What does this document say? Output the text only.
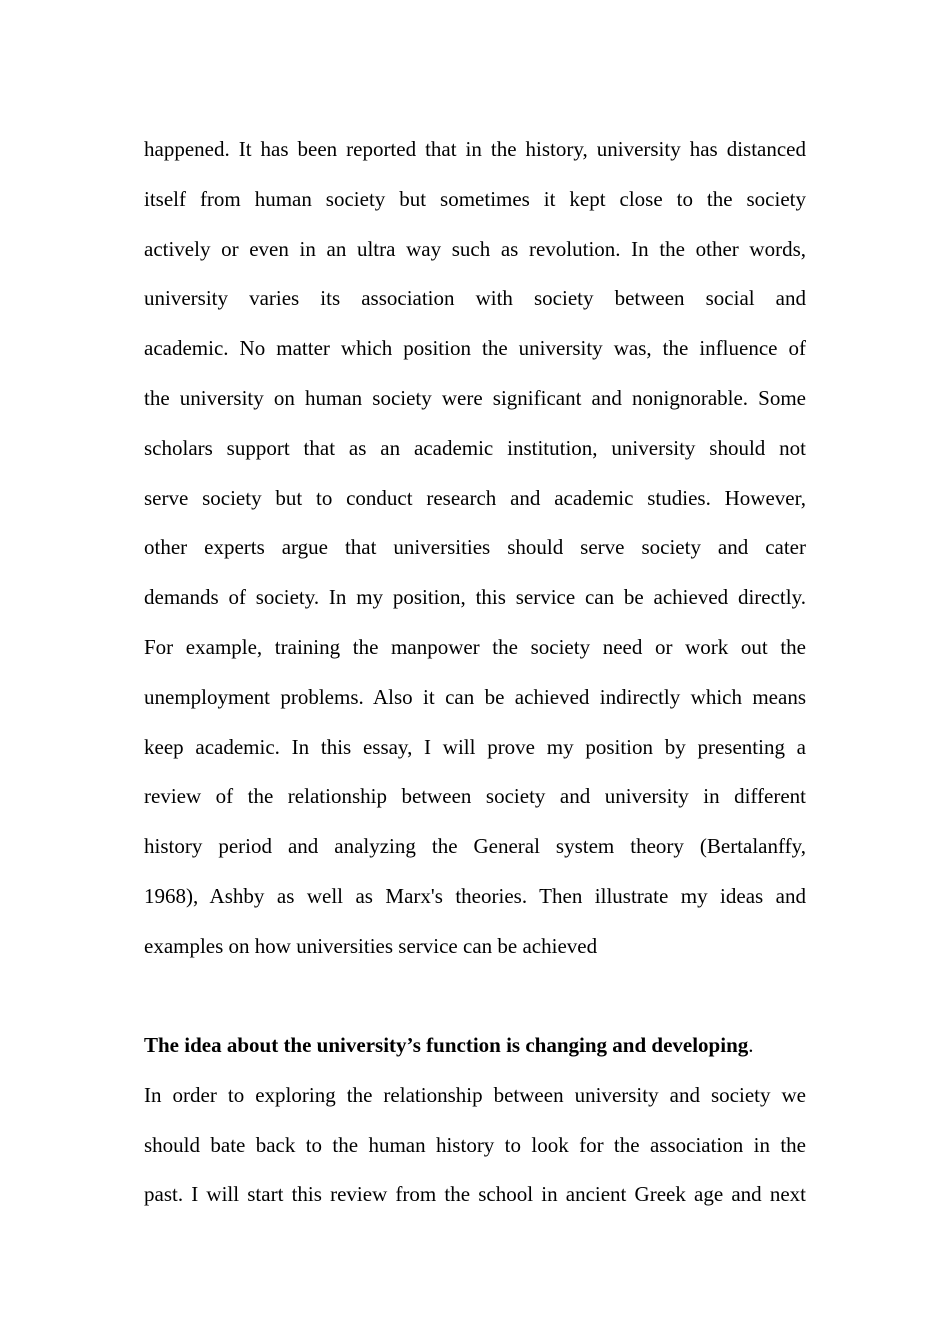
happened. It has been reported that in the history, university has distanced
itself from human society but sometimes it kept close to the society
actively or even in an ultra way such as revolution. In the other words,
university varies its association with society between social and
academic. No matter which position the university was, the influence of
the university on human society were significant and nonignorable. Some
scholars support that as an academic institution, university should not
serve society but to conduct research and academic studies. However,
other experts argue that universities should serve society and cater
demands of society. In my position, this service can be achieved directly.
For example, training the manpower the society need or work out the
unemployment problems. Also it can be achieved indirectly which means
keep academic. In this essay, I will prove my position by presenting a
review of the relationship between society and university in different
history period and analyzing the General system theory (Bertalanffy,
1968), Ashby as well as Marx's theories. Then illustrate my ideas and
examples on how universities service can be achieved
The idea about the university’s function is changing and developing.
In order to exploring the relationship between university and society we
should bate back to the human history to look for the association in the
past. I will start this review from the school in ancient Greek age and next
